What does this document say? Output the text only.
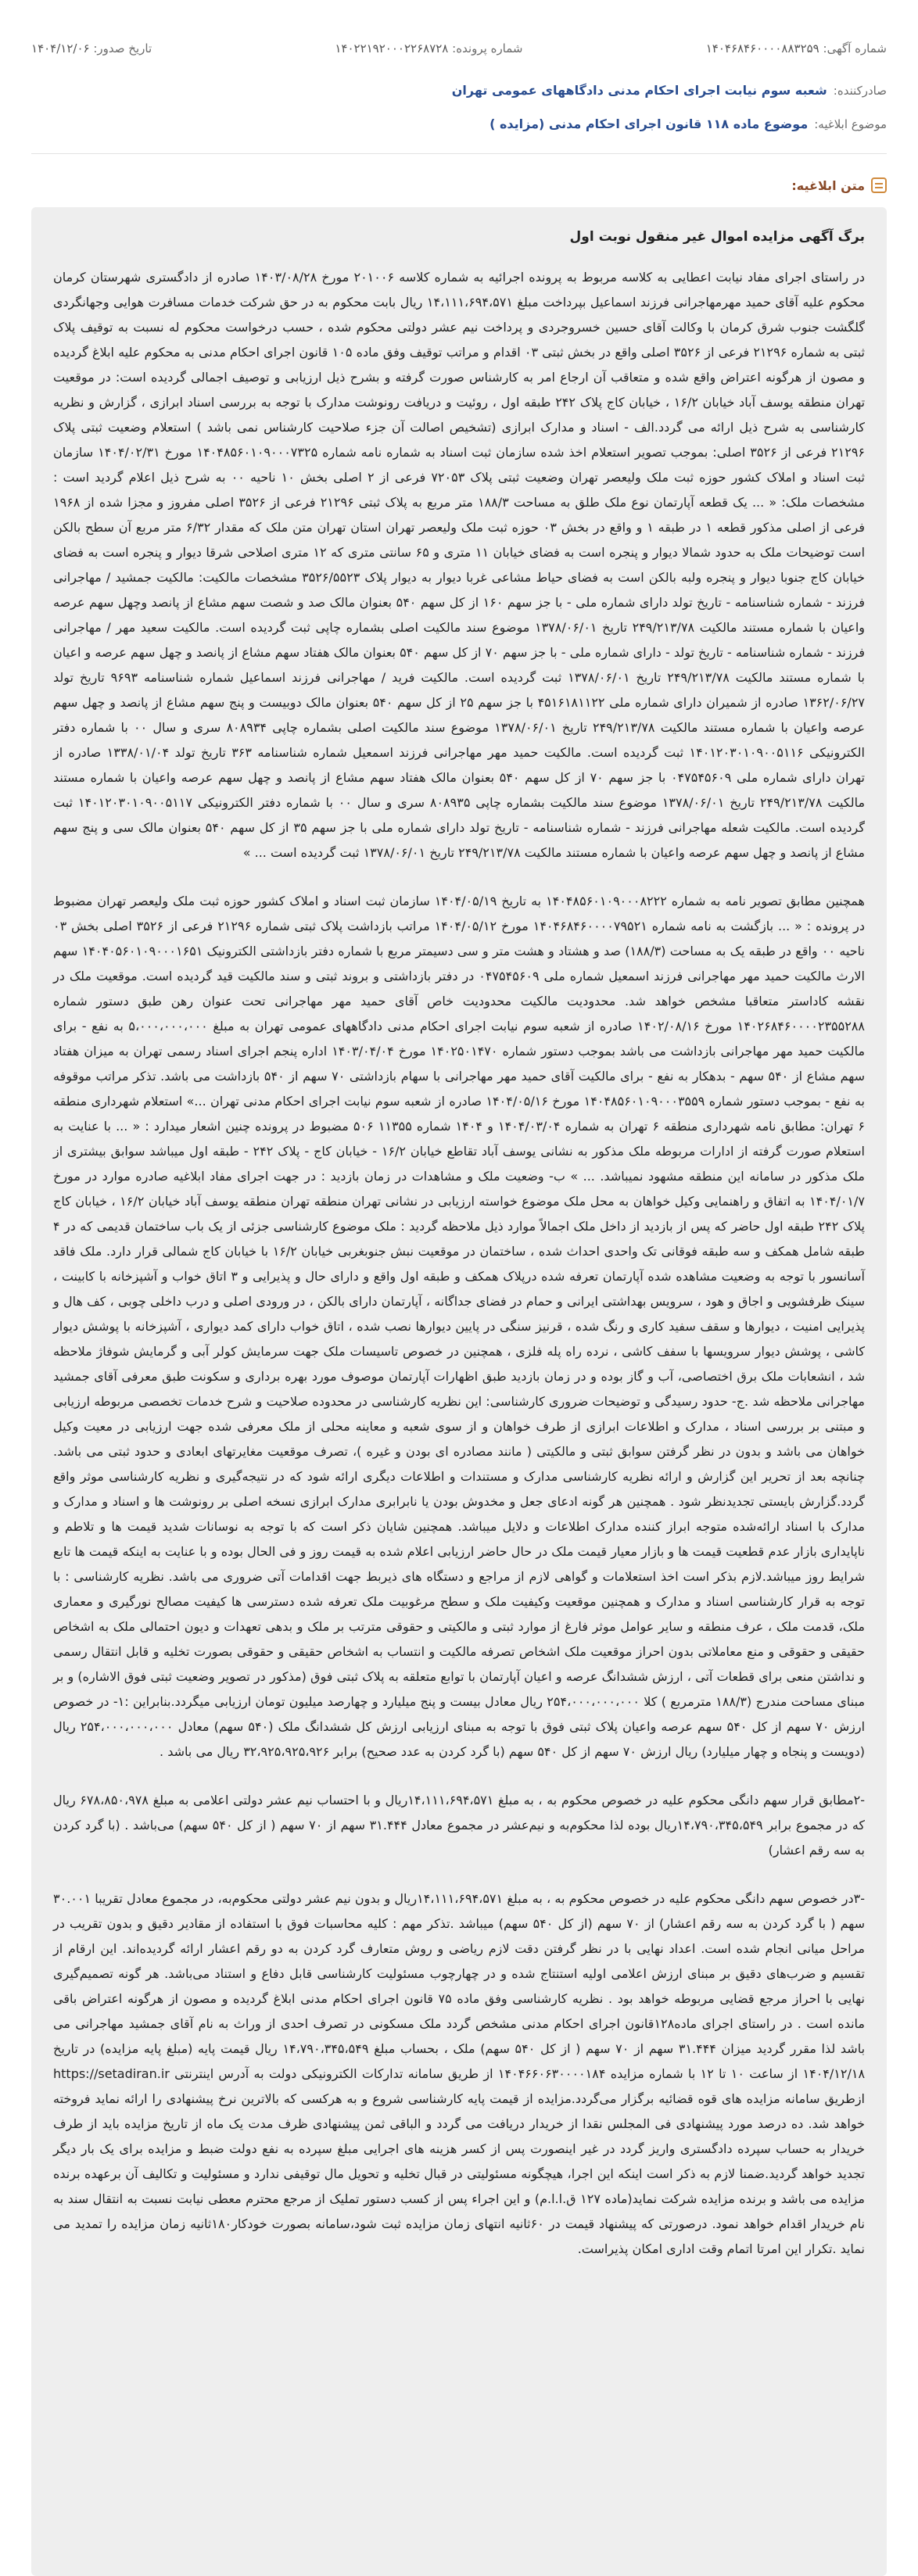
شماره آگهی: ۱۴۰۴۶۸۴۶۰۰۰۰۸۸۳۲۵۹
شماره پرونده: ۱۴۰۲۲۱۹۲۰۰۰۲۲۶۸۷۲۸
تاریخ صدور: ۱۴۰۴/۱۲/۰۶
صادرکننده:
شعبه سوم نیابت اجرای احکام مدنی دادگاههای عمومی تهران
موضوع ابلاغیه:
موضوع ماده ۱۱۸ قانون اجرای احکام مدنی (مزایده )
متن ابلاغیه:

برگ آگهی مزایده اموال غیر منقول نوبت اول

در راستای اجرای مفاد نیابت اعطایی به کلاسه مربوط به پرونده اجرائیه به شماره کلاسه ۲۰۱۰۰۶ مورخ ۱۴۰۳/۰۸/۲۸ صادره از دادگستری شهرستان کرمان محکوم علیه آقای حمید مهرمهاجرانی فرزند اسماعیل بپرداخت مبلغ ۱۴،۱۱۱،۶۹۴،۵۷۱ ریال بابت محکوم به در حق شرکت خدمات مسافرت هوایی وجهانگردی گلگشت جنوب شرق کرمان با وکالت آقای حسین خسروجردی و پرداخت نیم عشر دولتی محکوم شده ، حسب درخواست محکوم له نسبت به توقیف پلاک ثبتی به شماره ۲۱۲۹۶ فرعی از ۳۵۲۶ اصلی واقع در بخش ثبتی ۰۳ اقدام و مراتب توقیف وفق ماده ۱۰۵ قانون اجرای احکام مدنی به محکوم علیه ابلاغ گردیده و مصون از هرگونه اعتراض واقع شده و متعاقب آن ارجاع امر به کارشناس صورت گرفته و بشرح ذیل ارزیابی و توصیف اجمالی گردیده است: در موقعیت تهران منطقه یوسف آباد خیابان ۱۶/۲ ، خیابان کاج پلاک ۲۴۲ طبقه اول ، روئیت و دریافت رونوشت مدارک با توجه به بررسی اسناد ابرازی ، گزارش و نظریه کارشناسی به شرح ذیل ارائه می گردد.الف - اسناد و مدارک ابرازی (تشخیص اصالت آن جزء صلاحیت کارشناس نمی باشد ) استعلام وضعیت ثبتی پلاک ۲۱۲۹۶ فرعی از ۳۵۲۶ اصلی: بموجب تصویر استعلام اخذ شده سازمان ثبت اسناد به شماره نامه شماره ۱۴۰۴۸۵۶۰۱۰۹۰۰۰۷۳۲۵ مورخ ۱۴۰۴/۰۲/۳۱ سازمان ثبت اسناد و املاک کشور حوزه ثبت ملک ولیعصر تهران وضعیت ثبتی پلاک ۷۲۰۵۳ فرعی از ۲ اصلی بخش ۱۰ ناحیه ۰۰ به شرح ذیل اعلام گردید است : مشخصات ملک: « ... یک قطعه آپارتمان نوع ملک طلق به مساحت ۱۸۸/۳ متر مربع به پلاک ثبتی ۲۱۲۹۶ فرعی از ۳۵۲۶ اصلی مفروز و مجزا شده از ۱۹۶۸ فرعی از اصلی مذکور قطعه ۱ در طبقه ۱ و واقع در بخش ۰۳ حوزه ثبت ملک ولیعصر تهران استان تهران متن ملک که مقدار ۶/۳۲ متر مربع آن سطح بالکن است توضیحات ملک به حدود شمالا دیوار و پنجره است به فضای خیابان ۱۱ متری و ۶۵ سانتی متری که ۱۲ متری اصلاحی شرقا دیوار و پنجره است به فضای خیابان کاج جنوبا دیوار و پنجره ولبه بالکن است به فضای حیاط مشاعی غربا دیوار به دیوار پلاک ۳۵۲۶/۵۵۲۳ مشخصات مالکیت: مالکیت جمشید / مهاجرانی فرزند - شماره شناسنامه - تاریخ تولد دارای شماره ملی - با جز سهم ۱۶۰ از کل سهم ۵۴۰ بعنوان مالک صد و شصت سهم مشاع از پانصد وچهل سهم عرصه واعیان با شماره مستند مالکیت ۲۴۹/۲۱۳/۷۸ تاریخ ۱۳۷۸/۰۶/۰۱ موضوع سند مالکیت اصلی بشماره چاپی ثبت گردیده است. مالکیت سعید مهر / مهاجرانی فرزند - شماره شناسنامه - تاریخ تولد - دارای شماره ملی - با جز سهم ۷۰ از کل سهم ۵۴۰ بعنوان مالک هفتاد سهم مشاع از پانصد و چهل سهم عرصه و اعیان با شماره مستند مالکیت ۲۴۹/۲۱۳/۷۸ تاریخ ۱۳۷۸/۰۶/۰۱ ثبت گردیده است. مالکیت فرید / مهاجرانی فرزند اسماعیل شماره شناسنامه ۹۶۹۳ تاریخ تولد ۱۳۶۲/۰۶/۲۷ صادره از شمیران دارای شماره ملی ۴۵۱۶۱۸۱۱۲۲ با جز سهم ۲۵ از کل سهم ۵۴۰ بعنوان مالک دوبیست و پنج سهم مشاع از پانصد و چهل سهم عرصه واعیان با شماره مستند مالکیت ۲۴۹/۲۱۳/۷۸ تاریخ ۱۳۷۸/۰۶/۰۱ موضوع سند مالکیت اصلی بشماره چاپی ۸۰۸۹۳۴ سری و سال ۰۰ با شماره دفتر الکترونیکی ۱۴۰۱۲۰۳۰۱۰۹۰۰۵۱۱۶ ثبت گردیده است. مالکیت حمید مهر مهاجرانی فرزند اسمعیل شماره شناسنامه ۳۶۳ تاریخ تولد ۱۳۳۸/۰۱/۰۴ صادره از تهران دارای شماره ملی ۰۴۷۵۴۵۶۰۹ با جز سهم ۷۰ از کل سهم ۵۴۰ بعنوان مالک هفتاد سهم مشاع از پانصد و چهل سهم عرصه واعیان با شماره مستند مالکیت ۲۴۹/۲۱۳/۷۸ تاریخ ۱۳۷۸/۰۶/۰۱ موضوع سند مالکیت بشماره چاپی ۸۰۸۹۳۵ سری و سال ۰۰ با شماره دفتر الکترونیکی ۱۴۰۱۲۰۳۰۱۰۹۰۰۵۱۱۷ ثبت گردیده است. مالکیت شعله مهاجرانی فرزند - شماره شناسنامه - تاریخ تولد دارای شماره ملی با جز سهم ۳۵ از کل سهم ۵۴۰ بعنوان مالک سی و پنج سهم مشاع از پانصد و چهل سهم عرصه واعیان با شماره مستند مالکیت ۲۴۹/۲۱۳/۷۸ تاریخ ۱۳۷۸/۰۶/۰۱ ثبت گردیده است ... »

همچنین مطابق تصویر نامه به شماره ۱۴۰۴۸۵۶۰۱۰۹۰۰۰۸۲۲۲ به تاریخ ۱۴۰۴/۰۵/۱۹ سازمان ثبت اسناد و املاک کشور حوزه ثبت ملک ولیعصر تهران مضبوط در پرونده : « ... بازگشت به نامه شماره ۱۴۰۴۶۸۴۶۰۰۰۰۷۹۵۲۱ مورخ ۱۴۰۴/۰۵/۱۲ مراتب بازداشت پلاک ثبتی شماره ۲۱۲۹۶ فرعی از ۳۵۲۶ اصلی بخش ۰۳ ناحیه ۰۰ واقع در طبقه یک به مساحت (۱۸۸/۳) صد و هشتاد و هشت متر و سی دسیمتر مربع با شماره دفتر بازداشتی الکترونیک ۱۴۰۴۰۵۶۰۱۰۹۰۰۰۱۶۵۱ سهم الارث مالکیت حمید مهر مهاجرانی فرزند اسمعیل شماره ملی ۰۴۷۵۴۵۶۰۹ در دفتر بازداشتی و بروند ثبتی و سند مالکیت قید گردیده است. موقعیت ملک در نقشه کاداستر متعاقبا مشخص خواهد شد. محدودیت مالکیت محدودیت خاص آقای حمید مهر مهاجرانی تحت عنوان رهن طبق دستور شماره ۱۴۰۲۶۸۴۶۰۰۰۰۲۳۵۵۲۸۸ مورخ ۱۴۰۲/۰۸/۱۶ صادره از شعبه سوم نیابت اجرای احکام مدنی دادگاههای عمومی تهران به مبلغ ۵،۰۰۰،۰۰۰،۰۰۰ به نفع - برای مالکیت حمید مهر مهاجرانی بازداشت می باشد بموجب دستور شماره ۱۴۰۲۵۰۱۴۷۰ مورخ ۱۴۰۳/۰۴/۰۴ اداره پنجم اجرای اسناد رسمی تهران به میزان هفتاد سهم مشاع از ۵۴۰ سهم - بدهکار به نفع - برای مالکیت آقای حمید مهر مهاجرانی با سهام بازداشتی ۷۰ سهم از ۵۴۰ بازداشت می باشد. تذکر مراتب موقوفه به نفع - بموجب دستور شماره ۱۴۰۴۸۵۶۰۱۰۹۰۰۰۳۵۵۹ مورخ ۱۴۰۴/۰۵/۱۶ صادره از شعبه سوم نیابت اجرای احکام مدنی تهران ...» استعلام شهرداری منطقه ۶ تهران: مطابق نامه شهرداری منطقه ۶ تهران به شماره ۱۴۰۴/۰۳/۰۴ و ۱۴۰۴ شماره ۱۱۳۵۵ ۵۰۶ مضبوط در پرونده چنین اشعار میدارد : « ... با عنایت به استعلام صورت گرفته از ادارات مربوطه ملک مذکور به نشانی یوسف آباد تقاطع خیابان ۱۶/۲ - خیابان کاج - پلاک ۲۴۲ - طبقه اول میباشد سوابق بیشتری از ملک مذکور در سامانه این منطقه مشهود نمیباشد. ... » ب- وضعیت ملک و مشاهدات در زمان بازدید : در جهت اجرای مفاد ابلاغیه صادره موارد در مورخ ۱۴۰۴/۰۱/۷ به اتفاق و راهنمایی وکیل خواهان به محل ملک موضوع خواسته ارزیابی در نشانی تهران منطقه تهران منطقه یوسف آباد خیابان ۱۶/۲ ، خیابان کاج پلاک ۲۴۲ طبقه اول حاضر که پس از بازدید از داخل ملک اجمالاً موارد ذیل ملاحظه گردید : ملک موضوع کارشناسی جزئی از یک باب ساختمان قدیمی که در ۴ طبقه شامل همکف و سه طبقه فوقانی تک واحدی احداث شده ، ساختمان در موقعیت نبش جنوبغربی خیابان ۱۶/۲ با خیابان کاج شمالی قرار دارد. ملک فاقد آسانسور با توجه به وضعیت مشاهده شده آپارتمان تعرفه شده درپلاک همکف و طبقه اول واقع و دارای حال و پذیرایی و ۳ اتاق خواب و آشپزخانه با کابینت ، سینک ظرفشویی و اجاق و هود ، سرویس بهداشتی ایرانی و حمام در فضای جداگانه ، آپارتمان دارای بالکن ، در ورودی اصلی و درب داخلی چوبی ، کف هال و پذیرایی امنیت ، دیوارها و سقف سفید کاری و رنگ شده ، قرنیز سنگی در پایین دیوارها نصب شده ، اتاق خواب دارای کمد دیواری ، آشپزخانه با پوشش دیوار کاشی ، پوشش دیوار سرویسها با سفف کاشی ، نرده راه پله فلزی ، همچنین در خصوص تاسیسات ملک جهت سرمایش کولر آبی و گرمایش شوفاژ ملاحظه شد ، انشعابات ملک برق اختصاصی، آب و گاز بوده و در زمان بازدید طبق اظهارات آپارتمان موصوف مورد بهره برداری و سکونت طبق معرفی آقای جمشید مهاجرانی ملاحظه شد .ج- حدود رسیدگی و توضیحات ضروری کارشناسی: این نظریه کارشناسی در محدوده صلاحیت و شرح خدمات تخصصی مربوطه ارزیابی و مبتنی بر بررسی اسناد ، مدارک و اطلاعات ابرازی از طرف خواهان و از سوی شعبه و معاینه محلی از ملک معرفی شده جهت ارزیابی در معیت وکیل خواهان می باشد و بدون در نظر گرفتن سوابق ثبتی و مالکیتی ( مانند مصادره ای بودن و غیره )، تصرف موقعیت مغایرتهای ابعادی و حدود ثبتی می باشد. چنانچه بعد از تحریر این گزارش و ارائه نظریه کارشناسی مدارک و مستندات و اطلاعات دیگری ارائه شود که در نتیجه‌گیری و نظریه کارشناسی موثر واقع گردد.گزارش بایستی تجدیدنظر شود . همچنین هر گونه ادعای جعل و مخدوش بودن یا نابرابری مدارک ابرازی نسخه اصلی بر رونوشت ها و اسناد و مدارک و مدارک با اسناد ارائه‌شده متوجه ابراز کننده مدارک اطلاعات و دلایل میباشد. همچنین شایان ذکر است که با توجه به نوسانات شدید قیمت ها و تلاطم و ناپایداری بازار عدم قطعیت قیمت ها و بازار معیار قیمت ملک در حال حاضر ارزیابی اعلام شده به قیمت روز و فی الحال بوده و با عنایت به اینکه قیمت ها تابع شرایط روز میباشد.لازم بذکر است اخذ استعلامات و گواهی لازم از مراجع و دستگاه های ذیربط جهت اقدامات آتی ضروری می باشد. نظریه کارشناسی : با توجه به قرار کارشناسی اسناد و مدارک و همچنین موقعیت وکیفیت ملک و سطح مرغوبیت ملک تعرفه شده دسترسی ها کیفیت مصالح نورگیری و معماری ملک، قدمت ملک ، عرف منطقه و سایر عوامل موثر فارغ از موارد ثبتی و مالکیتی و حقوقی مترتب بر ملک و بدهی تعهدات و دیون احتمالی ملک به اشخاص حقیقی و حقوقی و منع معاملاتی بدون احراز موقعیت ملک اشخاص تصرفه مالکیت و انتساب به اشخاص حقیقی و حقوقی بصورت تخلیه و قابل انتقال رسمی و نداشتن منعی برای قطعات آتی ، ارزش ششدانگ عرصه و اعیان آپارتمان با توابع متعلقه به پلاک ثبتی فوق (مذکور در تصویر وضعیت ثبتی فوق الاشاره) و بر مبنای مساحت مندرج (۱۸۸/۳ مترمربع ) کلا ۲۵۴،۰۰۰،۰۰۰،۰۰۰ ریال معادل بیست و پنج میلیارد و چهارصد میلیون تومان ارزیابی میگردد.بنابراین :۱- در خصوص ارزش ۷۰ سهم از کل ۵۴۰ سهم عرصه واعیان پلاک ثبتی فوق با توجه به مبنای ارزیابی ارزش کل ششدانگ ملک (۵۴۰ سهم) معادل ۲۵۴،۰۰۰،۰۰۰،۰۰۰ ریال (دویست و پنجاه و چهار میلیارد) ریال ارزش ۷۰ سهم از کل ۵۴۰ سهم (با گرد کردن به عدد صحیح) برابر ۳۲،۹۲۵،۹۲۵،۹۲۶ ریال می باشد .

-۲مطابق قرار سهم دانگی محکوم علیه در خصوص محکوم به ، به مبلغ ۱۴،۱۱۱،۶۹۴،۵۷۱ریال و با احتساب نیم عشر دولتی اعلامی به مبلغ ۶۷۸،۸۵۰،۹۷۸ ریال که در مجموع برابر ۱۴،۷۹۰،۳۴۵،۵۴۹ریال بوده لذا محکوم‌به و نیم‌عشر در مجموع معادل ۳۱.۴۴۴ سهم از ۷۰ سهم ( از کل ۵۴۰ سهم) می‌باشد . (با گرد کردن به سه رقم اعشار)

-۳در خصوص سهم دانگی محکوم علیه در خصوص محکوم به ، به مبلغ ۱۴،۱۱۱،۶۹۴،۵۷۱ریال و بدون نیم عشر دولتی محکوم‌به، در مجموع معادل تقریبا ۳۰.۰۰۱ سهم ( با گرد کردن به سه رقم اعشار) از ۷۰ سهم (از کل ۵۴۰ سهم) میباشد .تذکر مهم : کلیه محاسبات فوق با استفاده از مقادیر دقیق و بدون تقریب در مراحل میانی انجام شده است. اعداد نهایی با در نظر گرفتن دقت لازم ریاضی و روش متعارف گرد کردن به دو رقم اعشار ارائه گردیده‌اند. این ارقام از تقسیم و ضرب‌های دقیق بر مبنای ارزش اعلامی اولیه استنتاج شده و در چهارچوب مسئولیت کارشناسی قابل دفاع و استناد می‌باشد. هر گونه تصمیم‌گیری نهایی با احراز مرجع قضایی مربوطه خواهد بود . نظریه کارشناسی وفق ماده ۷۵ قانون اجرای احکام مدنی ابلاغ گردیده و مصون از هرگونه اعتراض باقی مانده است . در راستای اجرای ماده۱۲۸قانون اجرای احکام مدنی مشخص گردد ملک مسکونی در تصرف احدی از وراث به نام آقای جمشید مهاجرانی می باشد لذا مقرر گردید میزان ۳۱.۴۴۴ سهم از ۷۰ سهم ( از کل ۵۴۰ سهم) ملک ، بحساب مبلغ ۱۴،۷۹۰،۳۴۵،۵۴۹ ریال قیمت پایه (مبلغ پایه مزایده) در تاریخ ۱۴۰۴/۱۲/۱۸ از ساعت ۱۰ تا ۱۲ با شماره مزایده ۱۴۰۴۶۶۰۶۳۰۰۰۰۱۸۴ از طریق سامانه تدارکات الکترونیکی دولت به آدرس اینترنتی https://setadiran.ir ازطریق سامانه مزایده های قوه قضائیه برگزار می‌گردد.مزایده از قیمت پایه کارشناسی شروع و به هرکسی که بالاترین نرخ پیشنهادی را ارائه نماید فروخته خواهد شد. ده درصد مورد پیشنهادی فی المجلس نقدا از خریدار دریافت می گردد و الباقی ثمن پیشنهادی ظرف مدت یک ماه از تاریخ مزایده باید از طرف خریدار به حساب سپرده دادگستری واریز گردد در غیر اینصورت پس از کسر هزینه های اجرایی مبلغ سپرده به نفع دولت ضبط و مزایده برای یک بار دیگر تجدید خواهد گردید.ضمنا لازم به ذکر است اینکه این اجرا، هیچگونه مسئولیتی در قبال تخلیه و تحویل مال توقیفی ندارد و مسئولیت و تکالیف آن برعهده برنده مزایده می باشد و برنده مزایده شرکت نماید(ماده ۱۲۷ ق.ا.ا.م) و این اجراء پس از کسب دستور تملیک از مرجع محترم معطی نیابت نسبت به انتقال سند به نام خریدار اقدام خواهد نمود. درصورتی که پیشنهاد قیمت در ۶۰ثانیه انتهای زمان مزایده ثبت شود،سامانه بصورت خودکار۱۸۰ثانیه زمان مزایده را تمدید می نماید .تکرار این امرتا اتمام وقت اداری امکان پذیراست.
